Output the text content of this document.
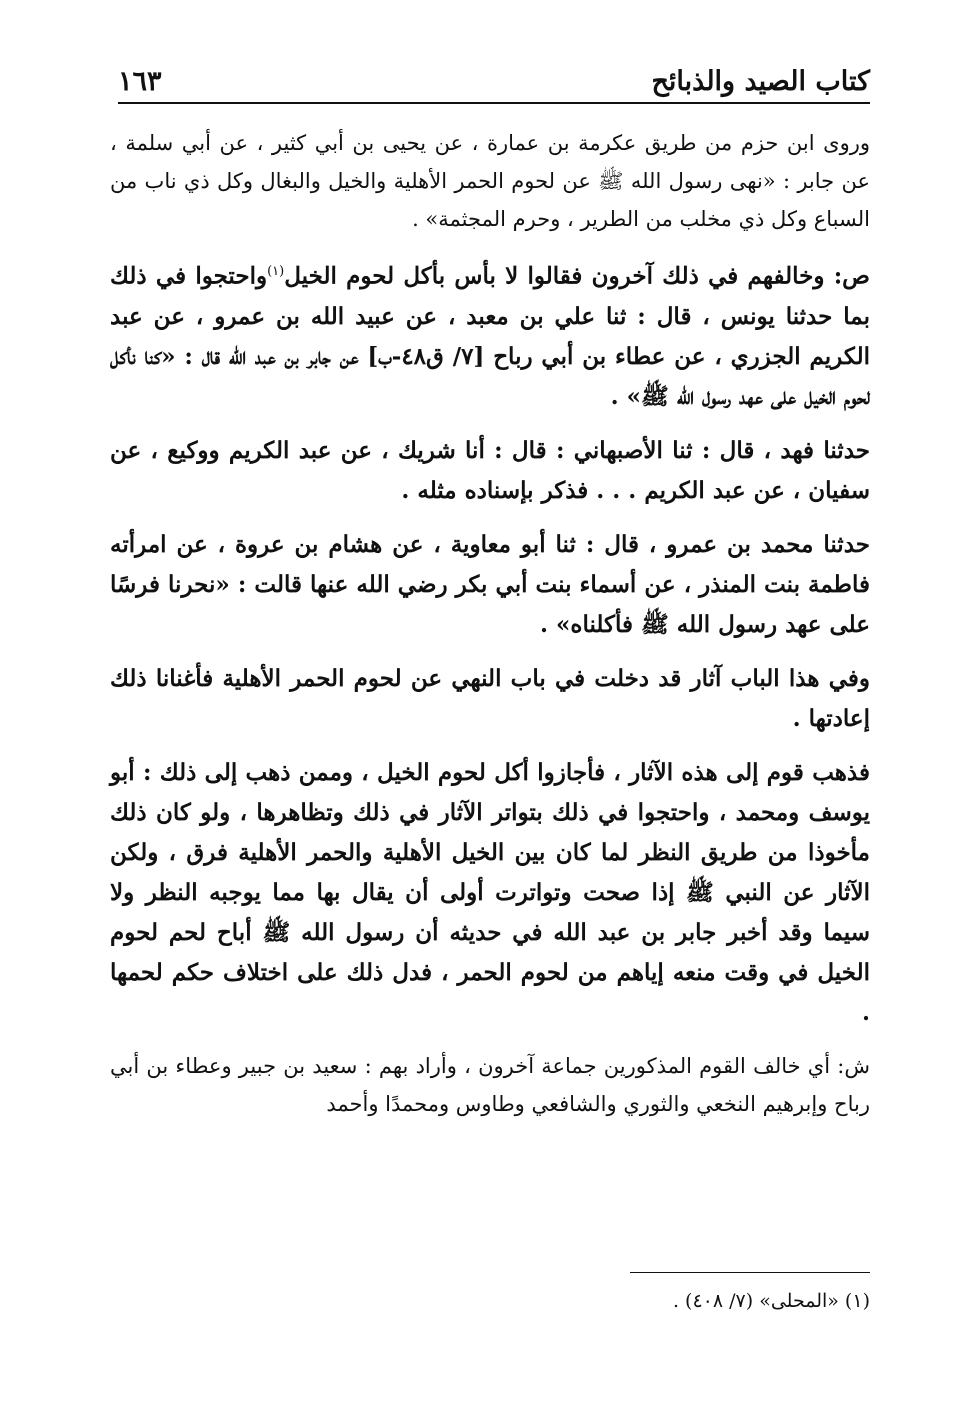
كتاب الصيد والذبائح
١٦٣

وروى ابن حزم من طريق عكرمة بن عمارة ، عن يحيى بن أبي كثير ، عن أبي سلمة ، عن جابر : «نهى رسول الله ﷺ عن لحوم الحمر الأهلية والخيل والبغال وكل ذي ناب من السباع وكل ذي مخلب من الطرير ، وحرم المجثمة» .

ص: وخالفهم في ذلك آخرون فقالوا لا بأس بأكل لحوم الخيل$^{(١)}$واحتجوا في ذلك بما حدثنا يونس ، قال : ثنا علي بن معبد ، عن عبيد الله بن عمرو ، عن عبد الكريم الجزري ، عن عطاء بن أبي رباح [٧/ ق٤٨-ب] عن جابر بن عبد الله قال : «كنا نأكل لحوم الخيل على عهد رسول الله ﷺ» .

حدثنا فهد ، قال : ثنا الأصبهاني : قال : أنا شريك ، عن عبد الكريم ووكيع ، عن سفيان ، عن عبد الكريم . . . فذكر بإسناده مثله .

حدثنا محمد بن عمرو ، قال : ثنا أبو معاوية ، عن هشام بن عروة ، عن امرأته فاطمة بنت المنذر ، عن أسماء بنت أبي بكر رضي الله عنها قالت : «نحرنا فرسًا على عهد رسول الله ﷺ فأكلناه» .

وفي هذا الباب آثار قد دخلت في باب النهي عن لحوم الحمر الأهلية فأغنانا ذلك إعادتها .

فذهب قوم إلى هذه الآثار ، فأجازوا أكل لحوم الخيل ، وممن ذهب إلى ذلك : أبو يوسف ومحمد ، واحتجوا في ذلك بتواتر الآثار في ذلك وتظاهرها ، ولو كان ذلك مأخوذا من طريق النظر لما كان بين الخيل الأهلية والحمر الأهلية فرق ، ولكن الآثار عن النبي ﷺ إذا صحت وتواترت أولى أن يقال بها مما يوجبه النظر ولا سيما وقد أخبر جابر بن عبد الله في حديثه أن رسول الله ﷺ أباح لحم لحوم الخيل في وقت منعه إياهم من لحوم الحمر ، فدل ذلك على اختلاف حكم لحمها .

ش: أي خالف القوم المذكورين جماعة آخرون ، وأراد بهم : سعيد بن جبير وعطاء بن أبي رباح وإبرهيم النخعي والثوري والشافعي وطاوس ومحمدًا وأحمد

(١) «المحلى» (٧/ ٤٠٨) .
